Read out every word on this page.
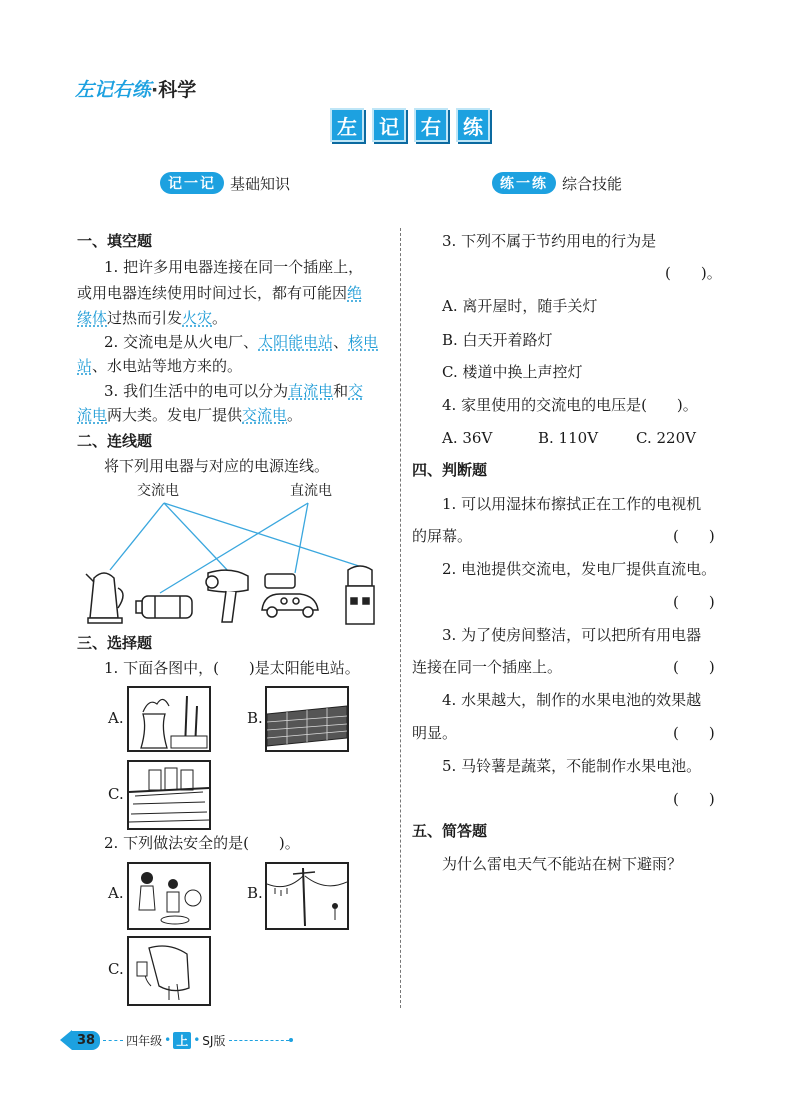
左记右练·科学
左	记	右	练
记一记 基础知识	练一练 综合技能
一、填空题
1. 把许多用电器连接在同一个插座上，
或用电器连续使用时间过长，都有可能因绝
缘体过热而引发火灾。
2. 交流电是从火电厂、太阳能电站、核电
站、水电站等地方来的。
3. 我们生活中的电可以分为直流电和交
流电两大类。发电厂提供交流电。
二、连线题
将下列用电器与对应的电源连线。
交流电	直流电
三、选择题
1. 下面各图中，(　　)是太阳能电站。
A.	B.
C.
2. 下列做法安全的是(　　)。
A.	B.
C.
3. 下列不属于节约用电的行为是
(　　)。
A. 离开屋时，随手关灯
B. 白天开着路灯
C. 楼道中换上声控灯
4. 家里使用的交流电的电压是(　　)。
A. 36V	B. 110V	C. 220V
四、判断题
1. 可以用湿抹布擦拭正在工作的电视机
的屏幕。	(　　)
2. 电池提供交流电，发电厂提供直流电。
(　　)
3. 为了使房间整洁，可以把所有用电器
连接在同一个插座上。	(　　)
4. 水果越大，制作的水果电池的效果越
明显。	(　　)
5. 马铃薯是蔬菜，不能制作水果电池。
(　　)
五、简答题
为什么雷电天气不能站在树下避雨？
38	四年级 • 上 • SJ版
